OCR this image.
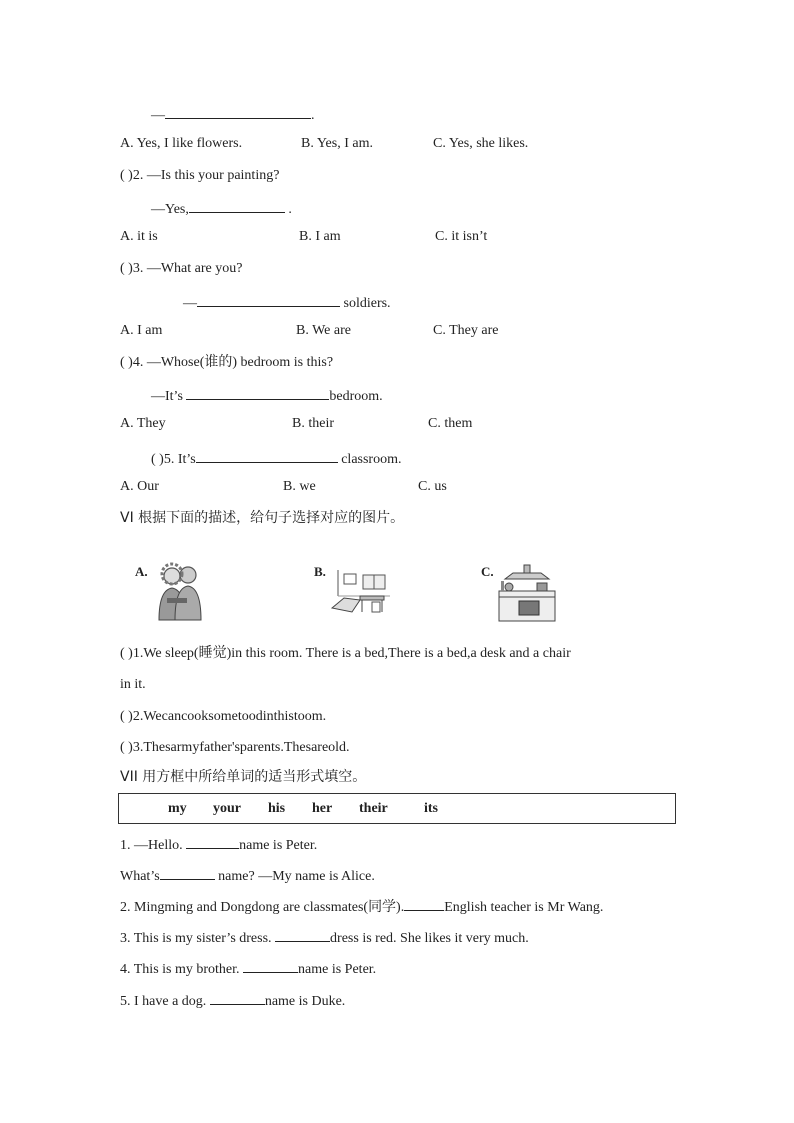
—	.
A. Yes, I like flowers.	B. Yes, I am.	C. Yes, she likes.
( )2. —Is this your painting?
—Yes,	.
A. it is	B. I am	C. it isn’t
( )3. —What are you?
—	soldiers.
A. I am	B. We are	C. They are
( )4. —Whose(谁的) bedroom is this?
—It’s	bedroom.
A. They	B. their	C. them
( )5. It’s	classroom.
A. Our	B. we	C. us
VI 根据下面的描述，给句子选择对应的图片。
A.	B.	C.
( )1.We sleep(睡觉)in this room. There is a bed,There is a bed,a desk and a chair
in it.
( )2.Wecancooksometoodinthistoom.
( )3.Thesarmyfather'sparents.Thesareold.
VII 用方框中所给单词的适当形式填空。
my your his her their	its
1. —Hello.	name is Peter.
What’s	name? —My name is Alice.
2. Mingming and Dongdong are classmates(同学).	English teacher is Mr Wang.
3. This is my sister’s dress.	dress is red. She likes it very much.
4. This is my brother.	name is Peter.
5. I have a dog.	name is Duke.
